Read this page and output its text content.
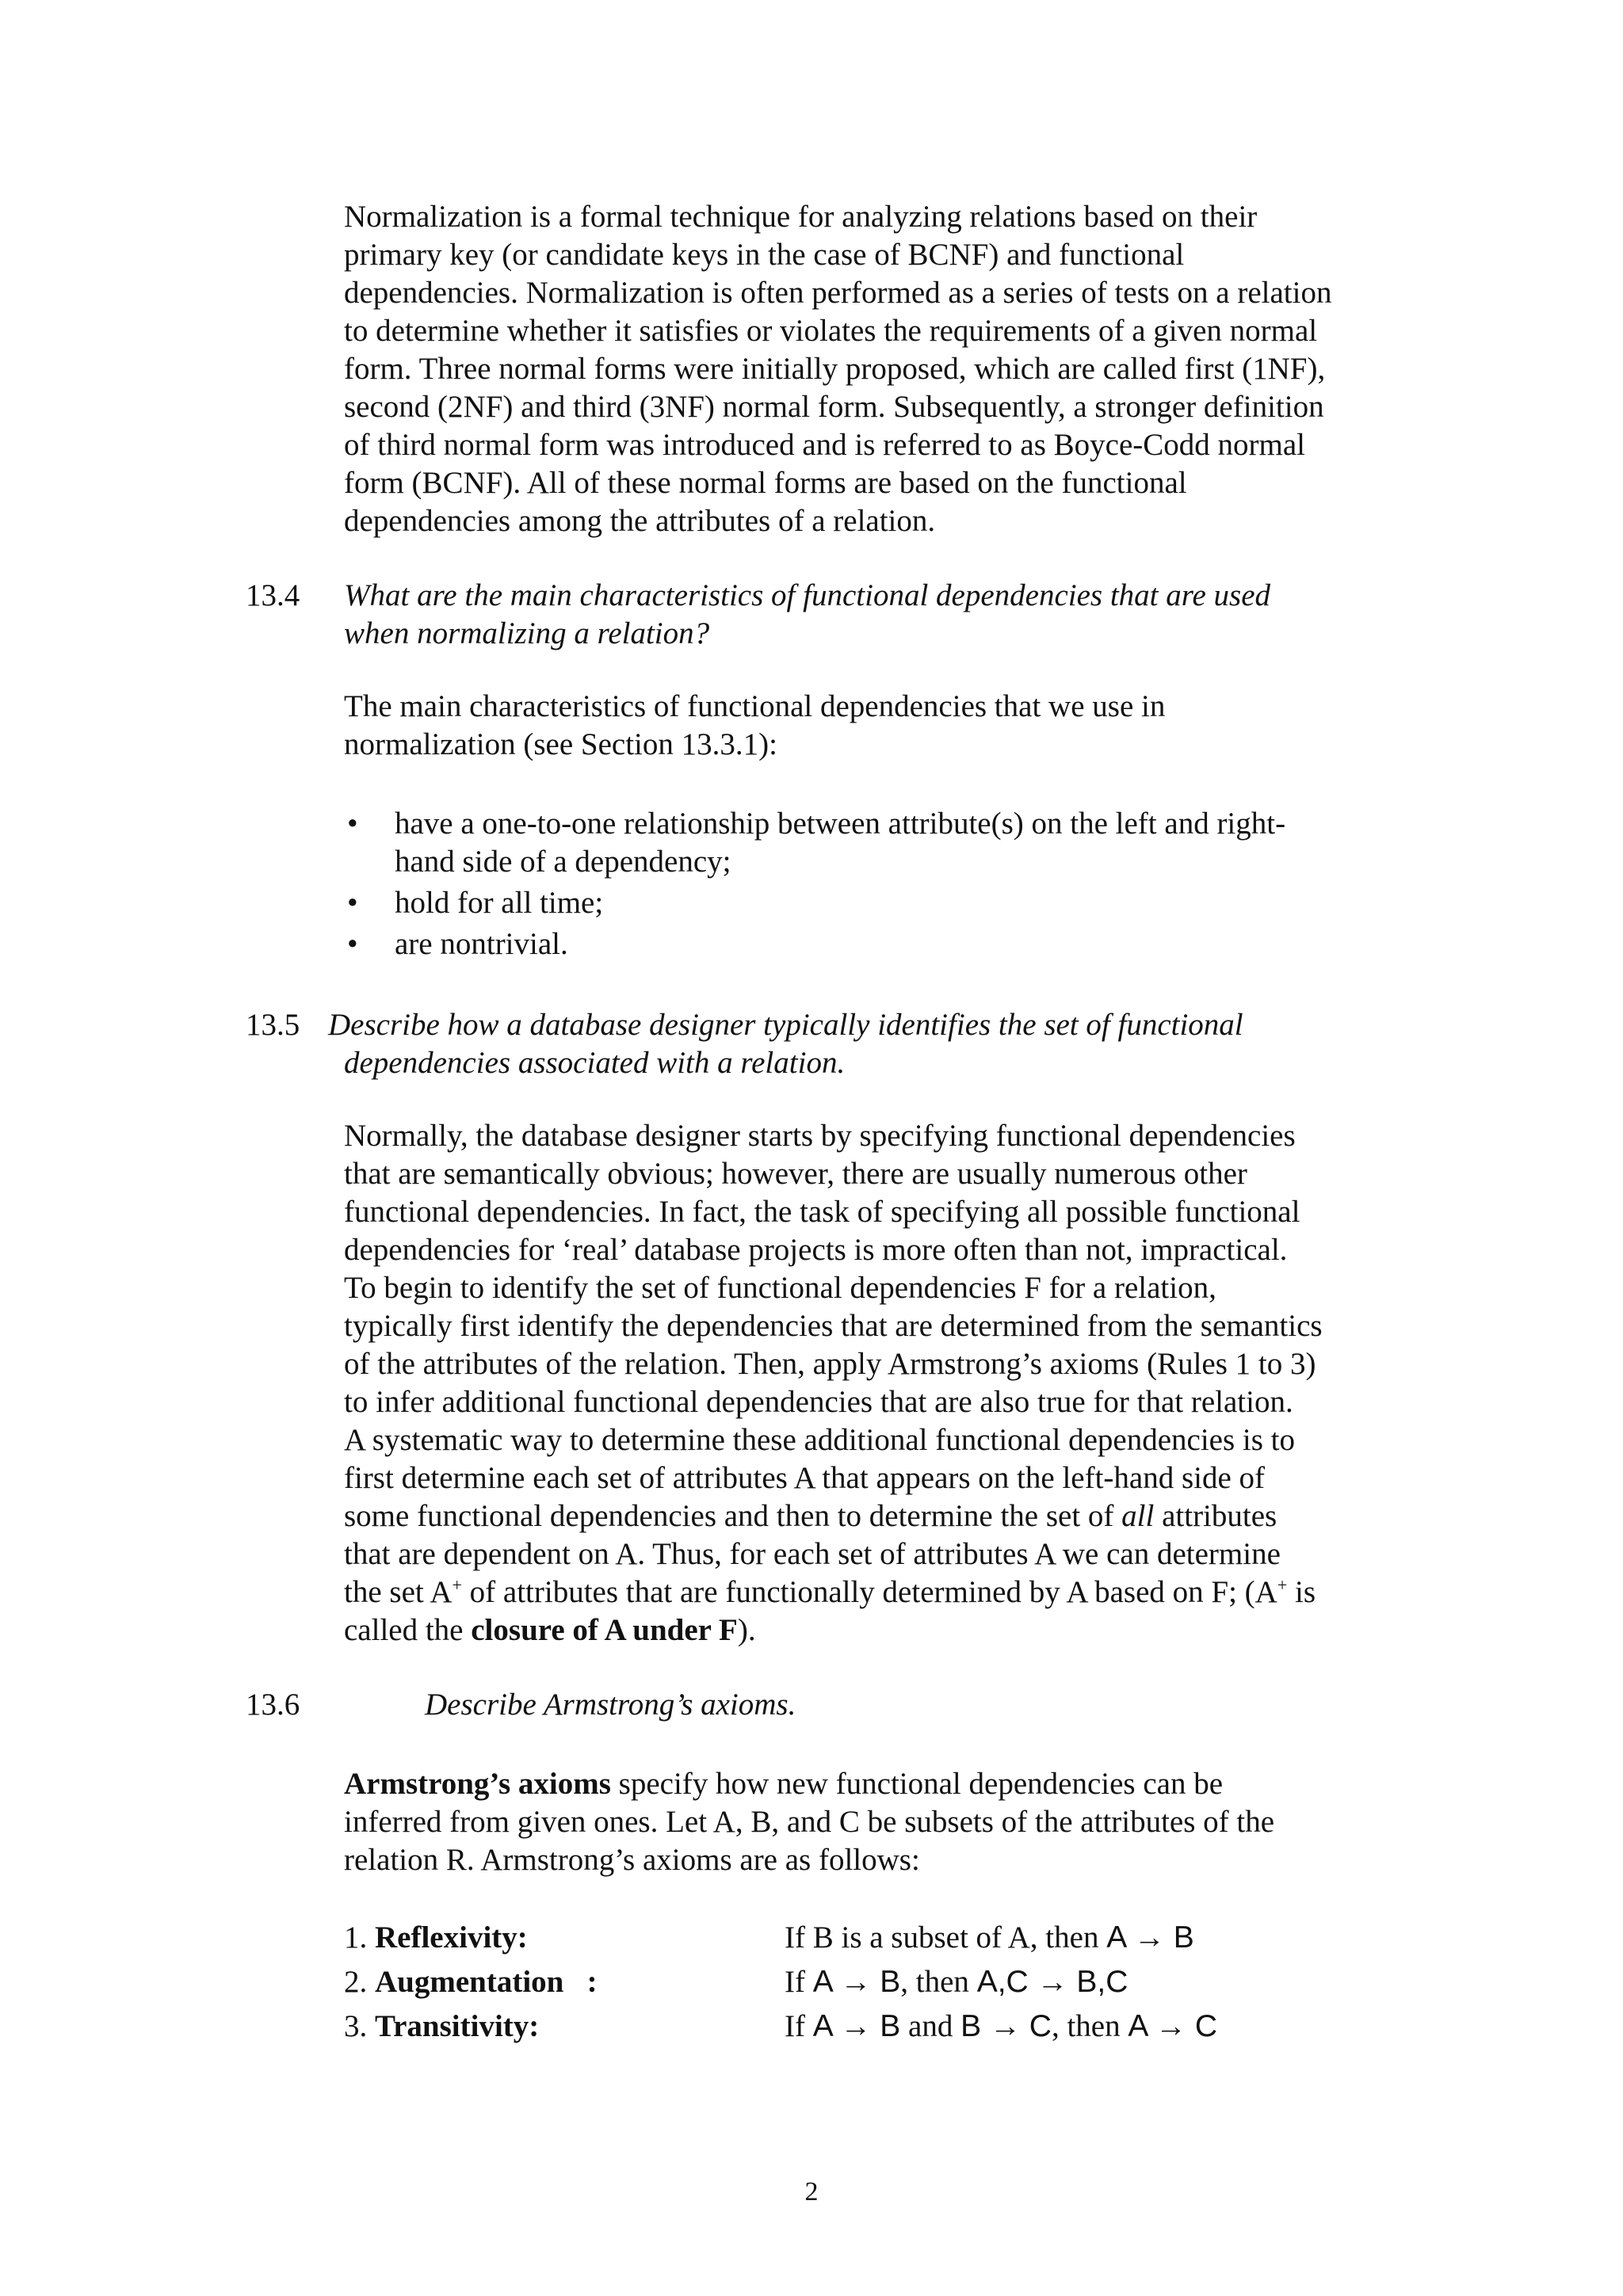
Normalization is a formal technique for analyzing relations based on their
primary key (or candidate keys in the case of BCNF) and functional
dependencies. Normalization is often performed as a series of tests on a relation
to determine whether it satisfies or violates the requirements of a given normal
form. Three normal forms were initially proposed, which are called first (1NF),
second (2NF) and third (3NF) normal form. Subsequently, a stronger definition
of third normal form was introduced and is referred to as Boyce-Codd normal
form (BCNF). All of these normal forms are based on the functional
dependencies among the attributes of a relation.
13.4 What are the main characteristics of functional dependencies that are used
when normalizing a relation?
The main characteristics of functional dependencies that we use in
normalization (see Section 13.3.1):
• have a one-to-one relationship between attribute(s) on the left and right-
hand side of a dependency;
• hold for all time;
• are nontrivial.
13.5 Describe how a database designer typically identifies the set of functional
dependencies associated with a relation.
Normally, the database designer starts by specifying functional dependencies
that are semantically obvious; however, there are usually numerous other
functional dependencies. In fact, the task of specifying all possible functional
dependencies for ‘real’ database projects is more often than not, impractical.
To begin to identify the set of functional dependencies F for a relation,
typically first identify the dependencies that are determined from the semantics
of the attributes of the relation. Then, apply Armstrong’s axioms (Rules 1 to 3)
to infer additional functional dependencies that are also true for that relation.
A systematic way to determine these additional functional dependencies is to
first determine each set of attributes A that appears on the left-hand side of
some functional dependencies and then to determine the set of all attributes
that are dependent on A. Thus, for each set of attributes A we can determine
the set A+ of attributes that are functionally determined by A based on F; (A+ is
called the closure of A under F).
13.6	Describe Armstrong’s axioms.
Armstrong’s axioms specify how new functional dependencies can be
inferred from given ones. Let A, B, and C be subsets of the attributes of the
relation R. Armstrong’s axioms are as follows:
1. Reflexivity:	If B is a subset of A, then A → B
2. Augmentation   :	If A → B, then A,C → B,C
3. Transitivity:	If A → B and B → C, then A → C
2
